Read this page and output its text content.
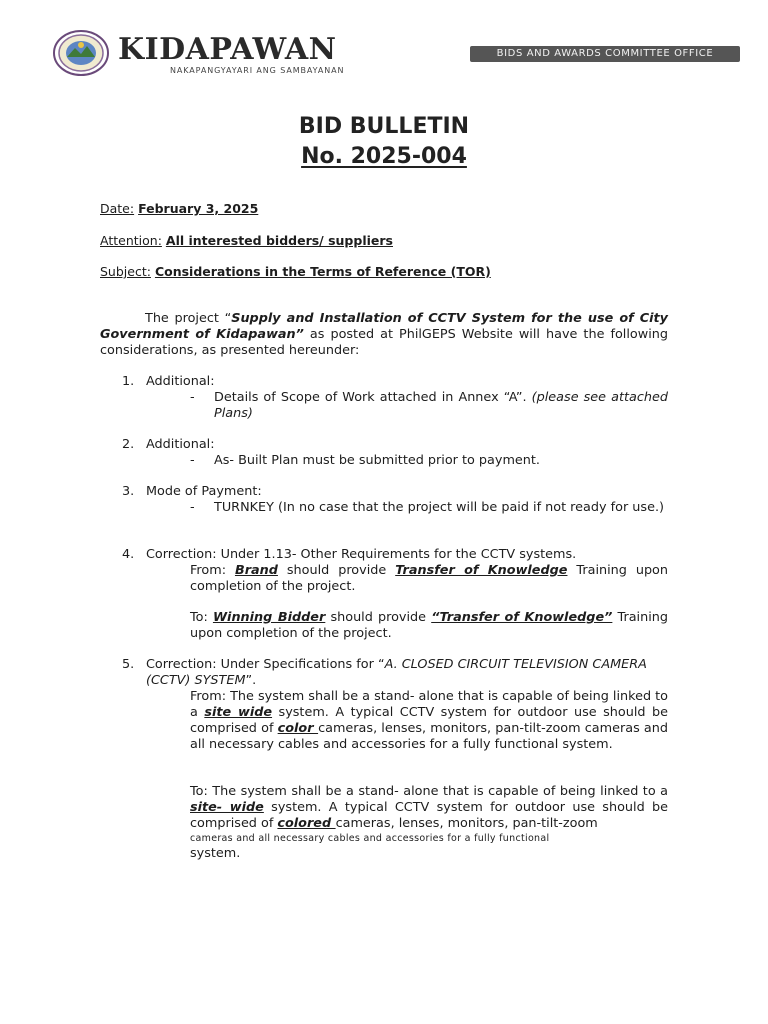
KIDAPAWAN
NAKAPANGYAYARI ANG SAMBAYANAN
BIDS AND AWARDS COMMITTEE OFFICE
BID BULLETIN
No. 2025-004
Date: February 3, 2025
Attention: All interested bidders/ suppliers
Subject: Considerations in the Terms of Reference (TOR)
The project “Supply and Installation of CCTV System for the use of City Government of Kidapawan” as posted at PhilGEPS Website will have the following considerations, as presented hereunder:
1. Additional:
- Details of Scope of Work attached in Annex “A”. (please see attached Plans)
2. Additional:
- As- Built Plan must be submitted prior to payment.
3. Mode of Payment:
- TURNKEY (In no case that the project will be paid if not ready for use.)
4. Correction: Under 1.13- Other Requirements for the CCTV systems.
From: Brand should provide Transfer of Knowledge Training upon completion of the project.
To: Winning Bidder should provide “Transfer of Knowledge” Training upon completion of the project.
5. Correction: Under Specifications for “A. CLOSED CIRCUIT TELEVISION CAMERA (CCTV) SYSTEM”.
From: The system shall be a stand- alone that is capable of being linked to a site wide system. A typical CCTV system for outdoor use should be comprised of color cameras, lenses, monitors, pan-tilt-zoom cameras and all necessary cables and accessories for a fully functional system.
To: The system shall be a stand- alone that is capable of being linked to a site- wide system. A typical CCTV system for outdoor use should be comprised of colored cameras, lenses, monitors, pan-tilt-zoom
cameras and all necessary cables and accessories for a fully functional
system.
